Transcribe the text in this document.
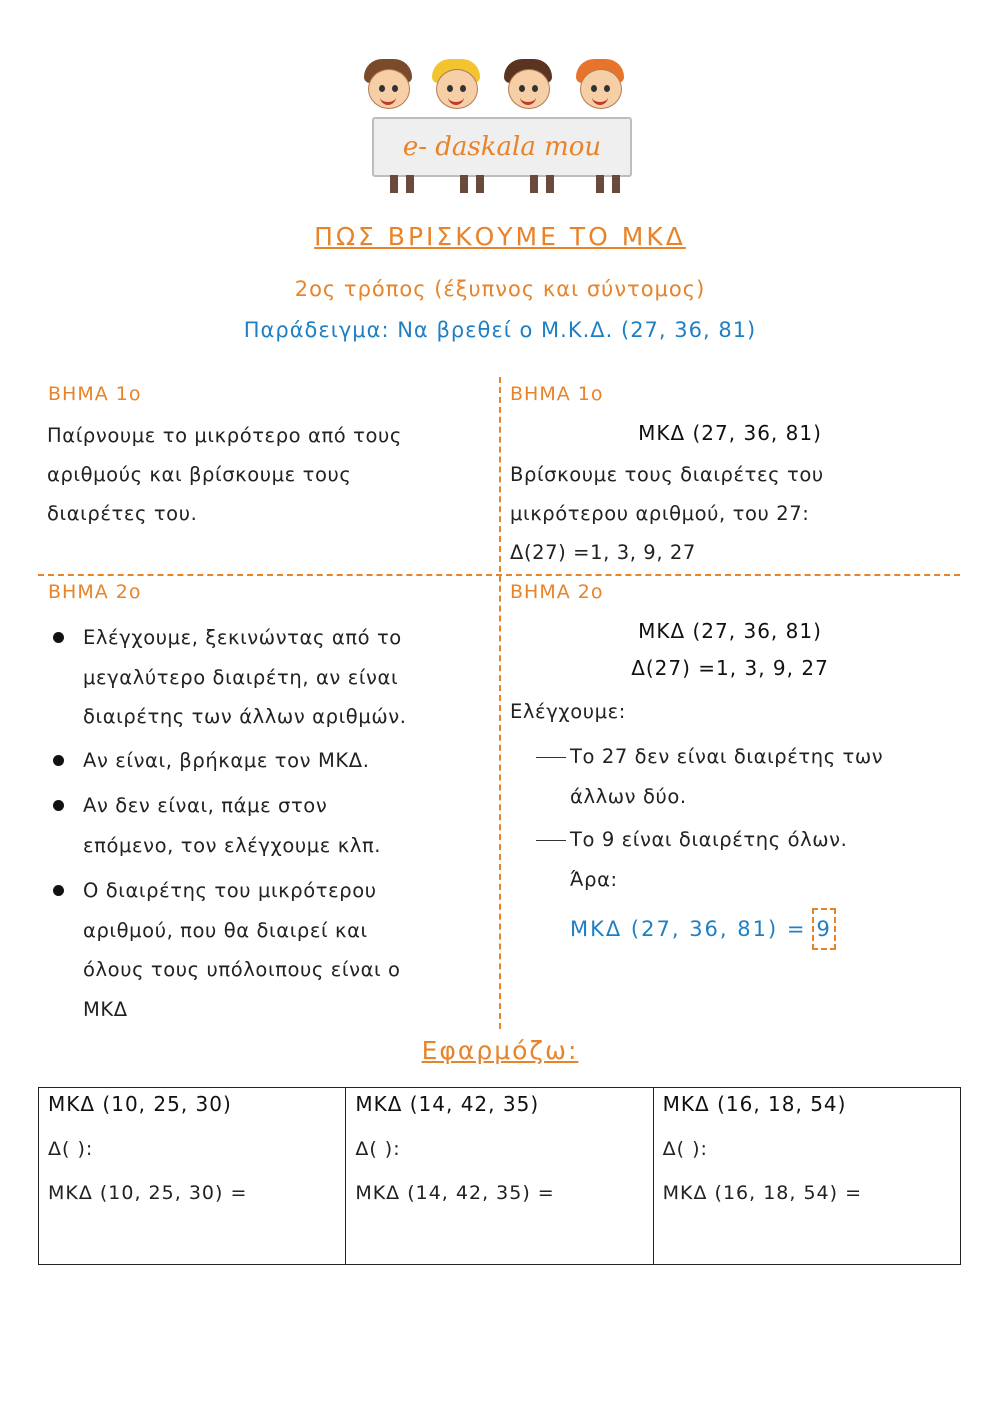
e- daskala mou
ΠΩΣ ΒΡΙΣΚΟΥΜΕ ΤΟ ΜΚΔ
2ος τρόπος (έξυπνος και σύντομος)
Παράδειγμα: Να βρεθεί ο Μ.Κ.Δ. (27, 36, 81)
ΒΗΜΑ 1ο
Παίρνουμε το μικρότερο από τους
αριθμούς και βρίσκουμε τους
διαιρέτες του.
ΒΗΜΑ 1ο
ΜΚΔ (27, 36, 81)
Βρίσκουμε τους διαιρέτες του
μικρότερου αριθμού, του 27:
Δ(27) =1, 3, 9, 27
ΒΗΜΑ 2ο
Ελέγχουμε, ξεκινώντας από το
μεγαλύτερο διαιρέτη, αν είναι
διαιρέτης των άλλων αριθμών.
Αν είναι, βρήκαμε τον ΜΚΔ.
Αν δεν είναι, πάμε στον
επόμενο, τον ελέγχουμε κλπ.
Ο διαιρέτης του μικρότερου
αριθμού, που θα διαιρεί και
όλους τους υπόλοιπους είναι ο
ΜΚΔ
ΒΗΜΑ 2ο
ΜΚΔ (27, 36, 81)
Δ(27) =1, 3, 9, 27
Ελέγχουμε:
Το 27 δεν είναι διαιρέτης των
άλλων δύο.
Το 9 είναι διαιρέτης όλων.
Άρα:
ΜΚΔ (27, 36, 81) = 9
Εφαρμόζω:
ΜΚΔ (10, 25, 30)
Δ( ):
ΜΚΔ (10, 25, 30) =

ΜΚΔ (14, 42, 35)
Δ( ):
ΜΚΔ (14, 42, 35) =

ΜΚΔ (16, 18, 54)
Δ( ):
ΜΚΔ (16, 18, 54) =
